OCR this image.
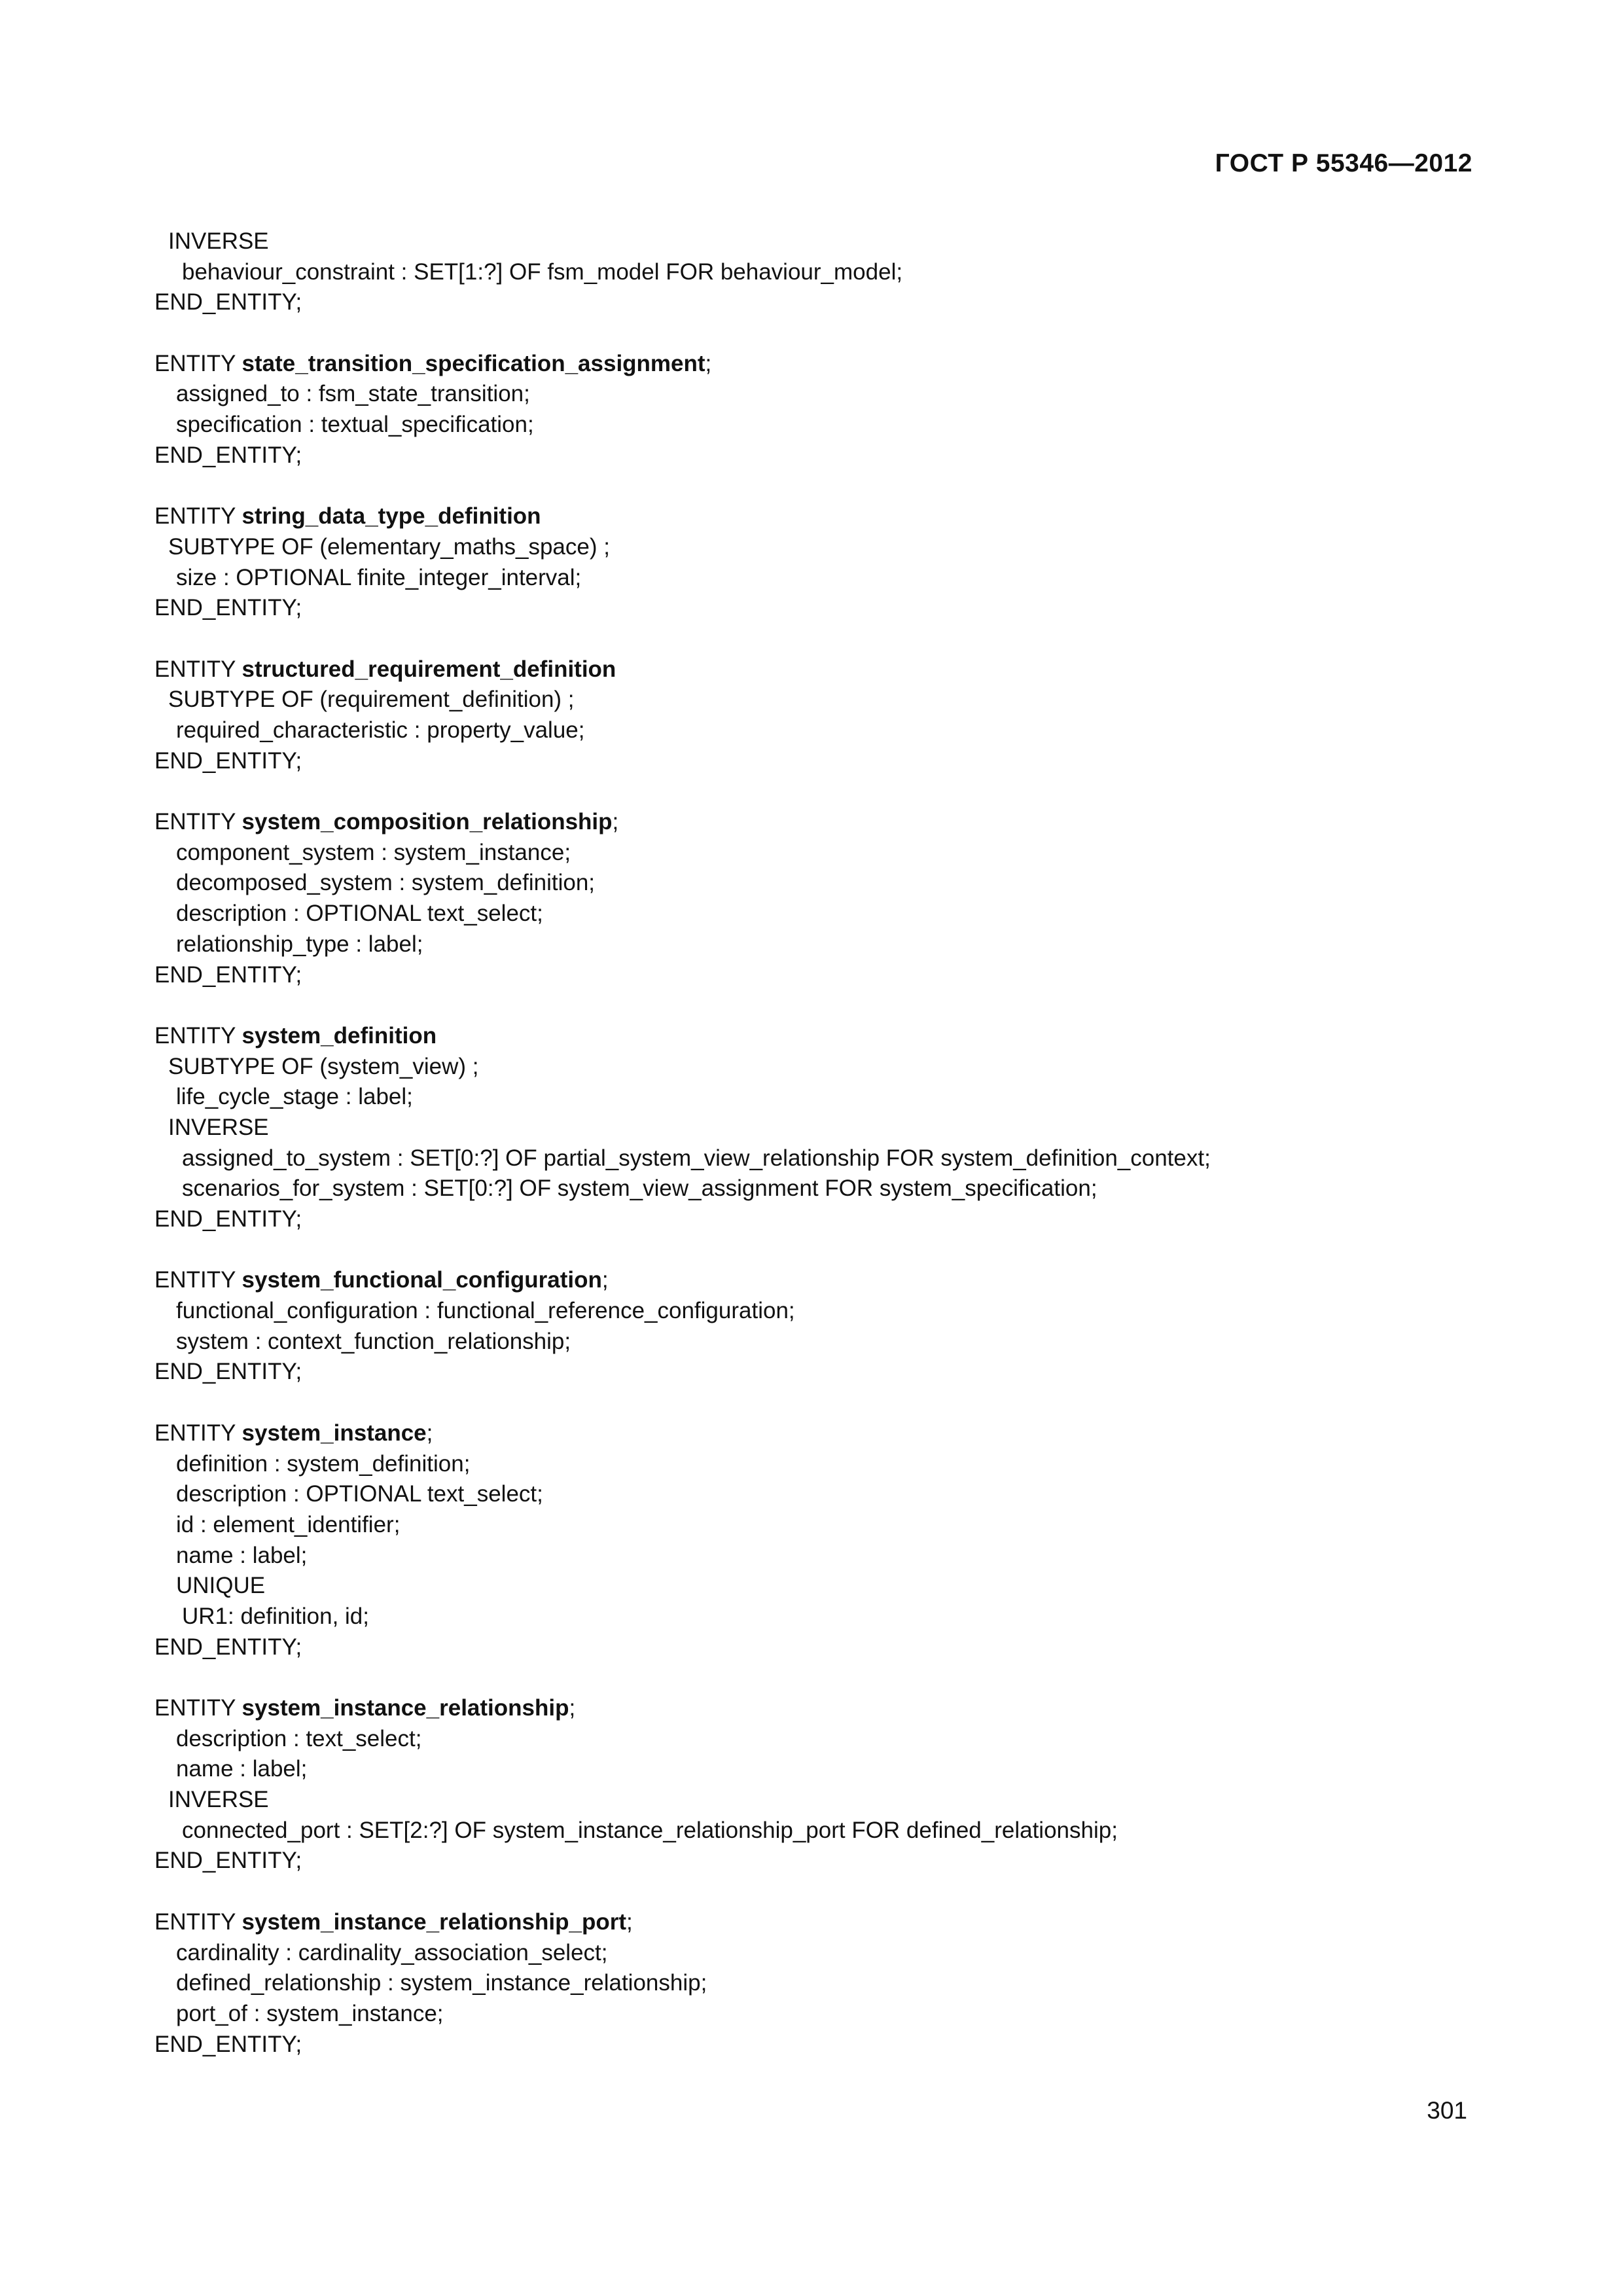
ГОСТ Р 55346—2012
INVERSE
behaviour_constraint : SET[1:?] OF fsm_model FOR behaviour_model;
END_ENTITY;
ENTITY state_transition_specification_assignment;
assigned_to : fsm_state_transition;
specification : textual_specification;
END_ENTITY;
ENTITY string_data_type_definition
SUBTYPE OF (elementary_maths_space) ;
size : OPTIONAL finite_integer_interval;
END_ENTITY;
ENTITY structured_requirement_definition
SUBTYPE OF (requirement_definition) ;
required_characteristic : property_value;
END_ENTITY;
ENTITY system_composition_relationship;
component_system : system_instance;
decomposed_system : system_definition;
description : OPTIONAL text_select;
relationship_type : label;
END_ENTITY;
ENTITY system_definition
SUBTYPE OF (system_view) ;
life_cycle_stage : label;
INVERSE
assigned_to_system : SET[0:?] OF partial_system_view_relationship FOR system_definition_context;
scenarios_for_system : SET[0:?] OF system_view_assignment FOR system_specification;
END_ENTITY;
ENTITY system_functional_configuration;
functional_configuration : functional_reference_configuration;
system : context_function_relationship;
END_ENTITY;
ENTITY system_instance;
definition : system_definition;
description : OPTIONAL text_select;
id : element_identifier;
name : label;
UNIQUE
UR1: definition, id;
END_ENTITY;
ENTITY system_instance_relationship;
description : text_select;
name : label;
INVERSE
connected_port : SET[2:?] OF system_instance_relationship_port FOR defined_relationship;
END_ENTITY;
ENTITY system_instance_relationship_port;
cardinality : cardinality_association_select;
defined_relationship : system_instance_relationship;
port_of : system_instance;
END_ENTITY;
301
